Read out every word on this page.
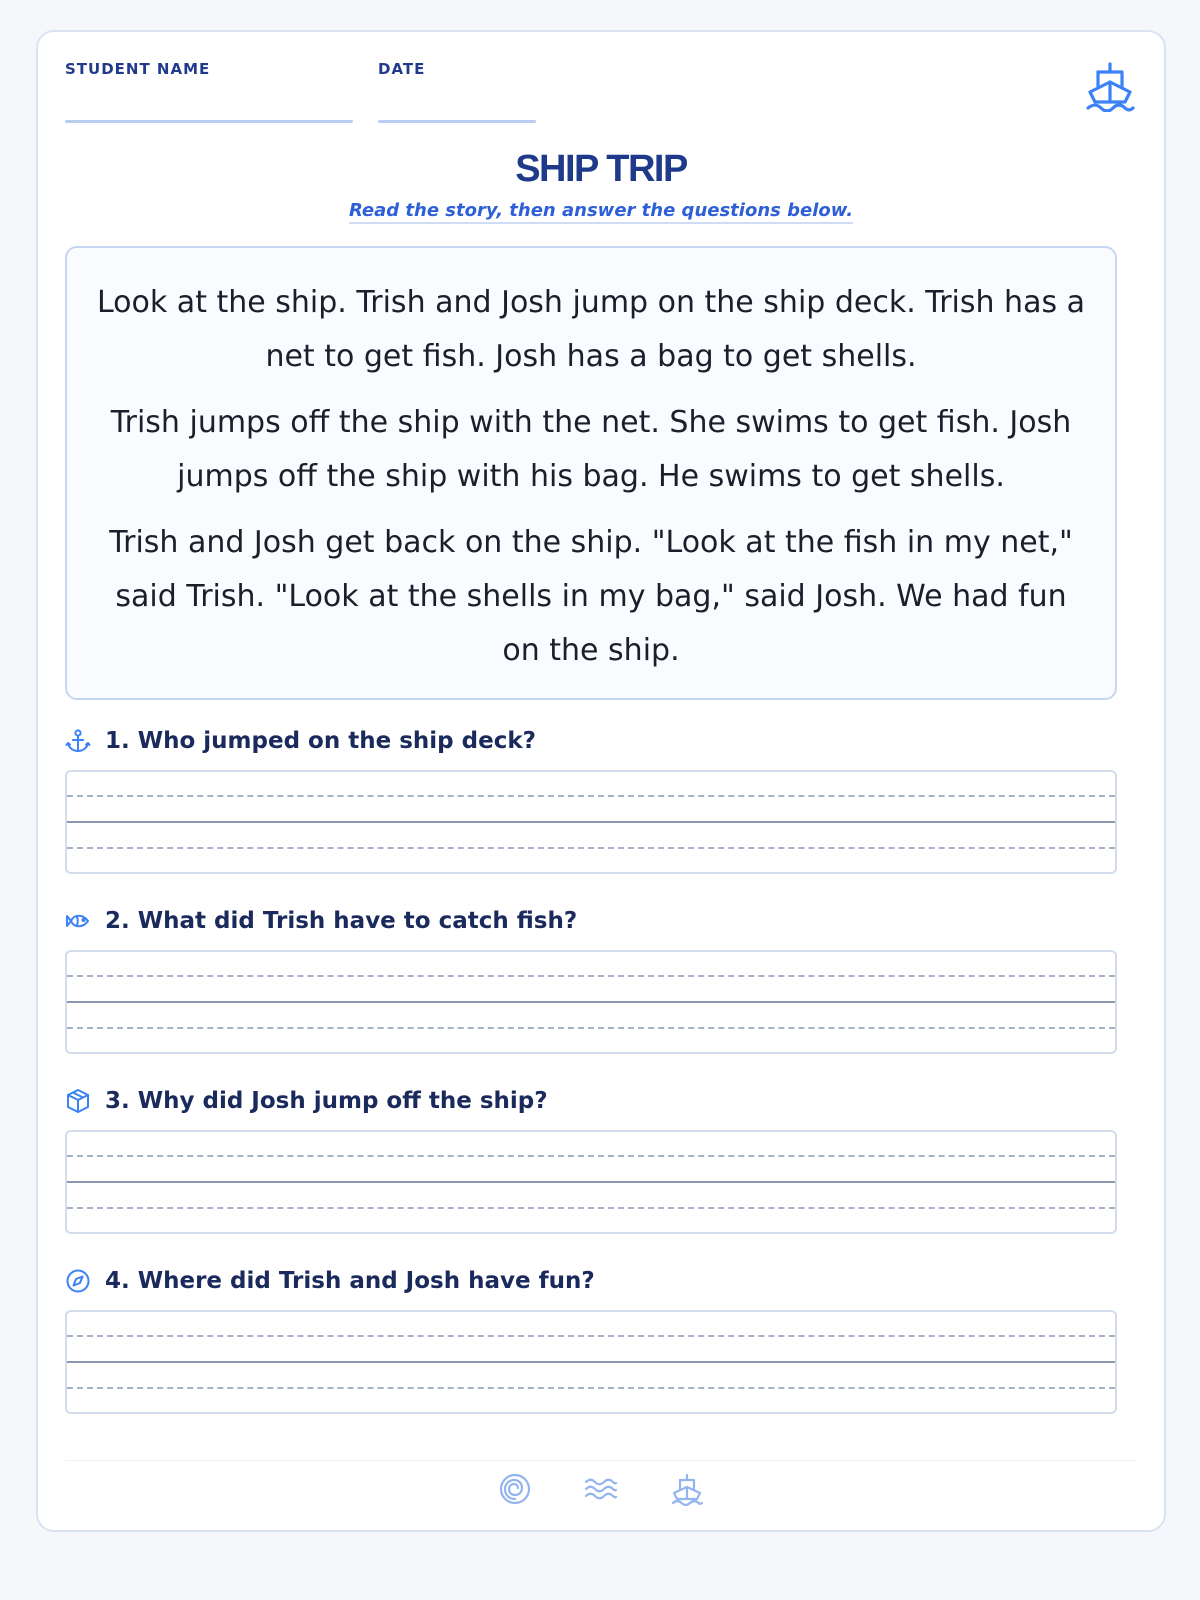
STUDENT NAME	DATE
SHIP TRIP
Read the story, then answer the questions below.

Look at the ship. Trish and Josh jump on the ship deck. Trish has a net to get fish. Josh has a bag to get shells.

Trish jumps off the ship with the net. She swims to get fish. Josh jumps off the ship with his bag. He swims to get shells.

Trish and Josh get back on the ship. "Look at the fish in my net," said Trish. "Look at the shells in my bag," said Josh. We had fun on the ship.

1. Who jumped on the ship deck?
2. What did Trish have to catch fish?
3. Why did Josh jump off the ship?
4. Where did Trish and Josh have fun?
